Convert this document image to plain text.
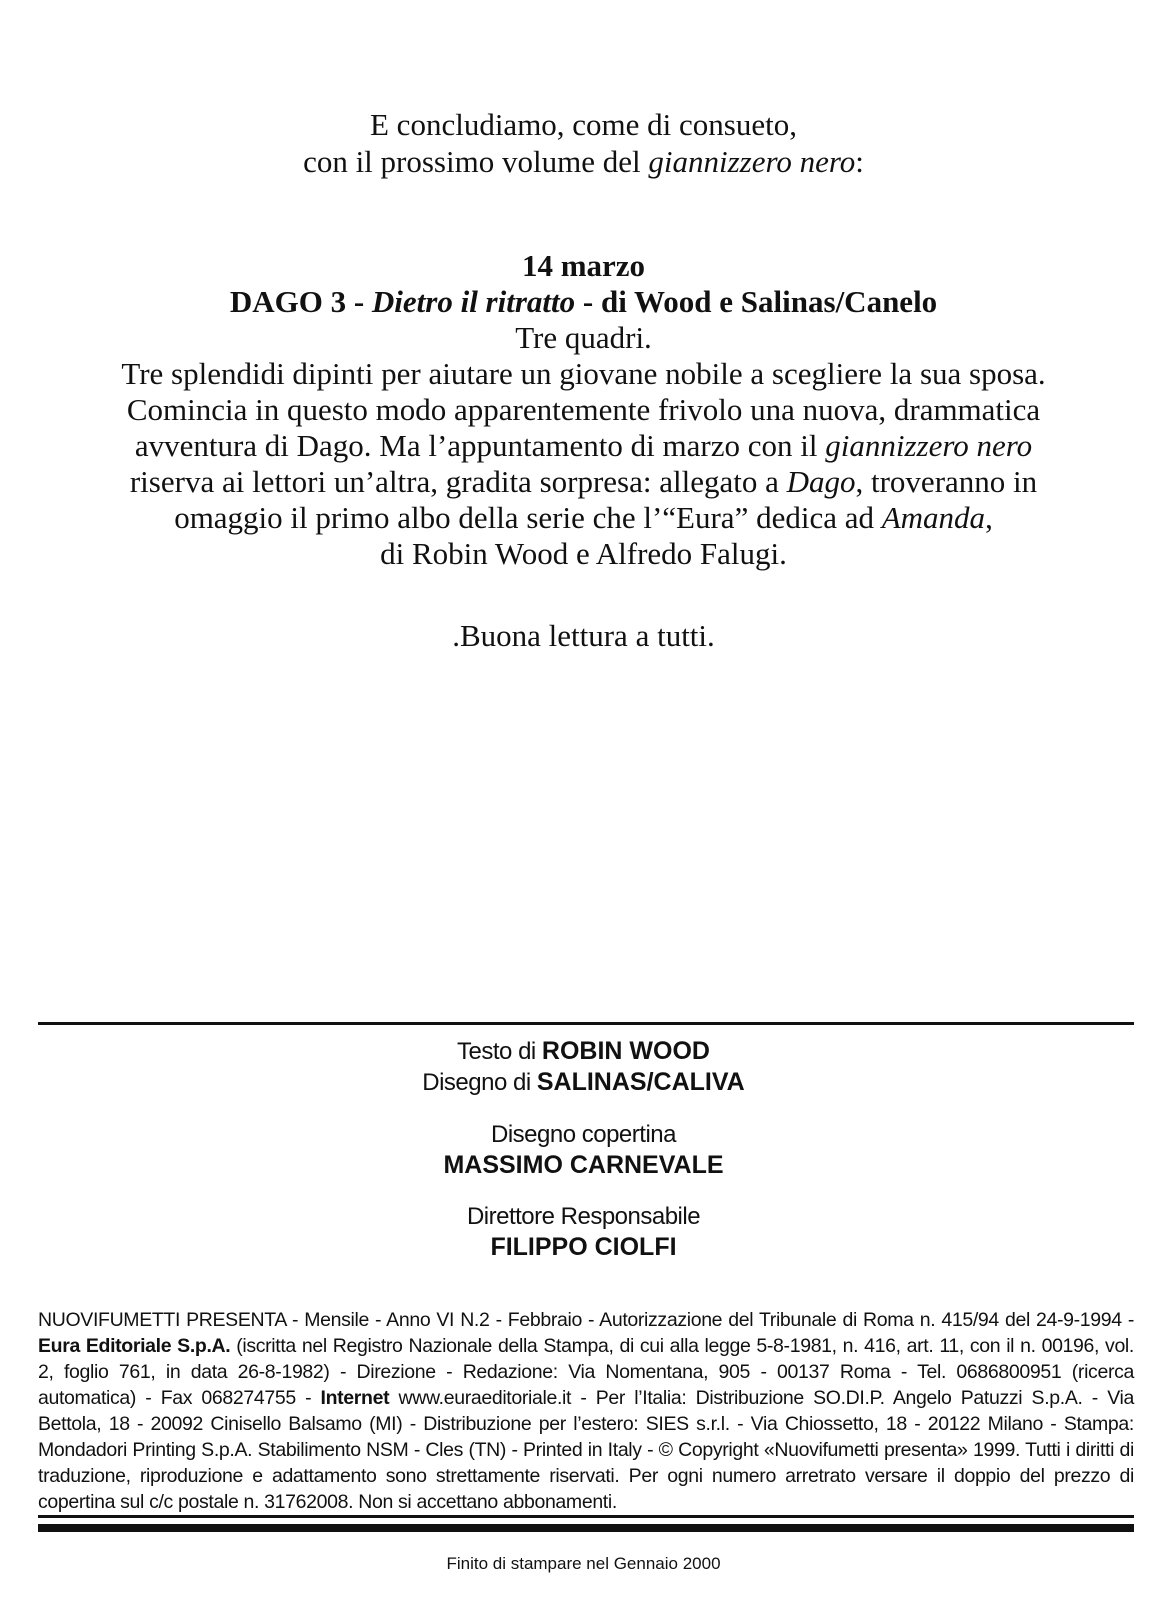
E concludiamo, come di consueto,
con il prossimo volume del giannizzero nero:
14 marzo
DAGO 3 - Dietro il ritratto - di Wood e Salinas/Canelo
Tre quadri.
Tre splendidi dipinti per aiutare un giovane nobile a scegliere la sua sposa.
Comincia in questo modo apparentemente frivolo una nuova, drammatica
avventura di Dago. Ma l’appuntamento di marzo con il giannizzero nero
riserva ai lettori un’altra, gradita sorpresa: allegato a Dago, troveranno in
omaggio il primo albo della serie che l’“Eura” dedica ad Amanda,
di Robin Wood e Alfredo Falugi.
.Buona lettura a tutti.
Testo di ROBIN WOOD
Disegno di SALINAS/CALIVA
Disegno copertina
MASSIMO CARNEVALE
Direttore Responsabile
FILIPPO CIOLFI
NUOVIFUMETTI PRESENTA - Mensile - Anno VI N.2 - Febbraio - Autorizzazione del Tribunale di Roma n. 415/94 del 24-9-1994 - Eura Editoriale S.p.A. (iscritta nel Registro Nazionale della Stampa, di cui alla legge 5-8-1981, n. 416, art. 11, con il n. 00196, vol. 2, foglio 761, in data 26-8-1982) - Direzione - Redazione: Via Nomentana, 905 - 00137 Roma - Tel. 0686800951 (ricerca automatica) - Fax 068274755 - Internet www.euraeditoriale.it - Per l’Italia: Distribuzione SO.DI.P. Angelo Patuzzi S.p.A. - Via Bettola, 18 - 20092 Cinisello Balsamo (MI) - Distribuzione per l’estero: SIES s.r.l. - Via Chiossetto, 18 - 20122 Milano - Stampa: Mondadori Printing S.p.A. Stabilimento NSM - Cles (TN) - Printed in Italy - © Copyright «Nuovifumetti presenta» 1999. Tutti i diritti di traduzione, riproduzione e adattamento sono strettamente riservati. Per ogni numero arretrato versare il doppio del prezzo di copertina sul c/c postale n. 31762008. Non si accettano abbonamenti.
Finito di stampare nel Gennaio 2000
